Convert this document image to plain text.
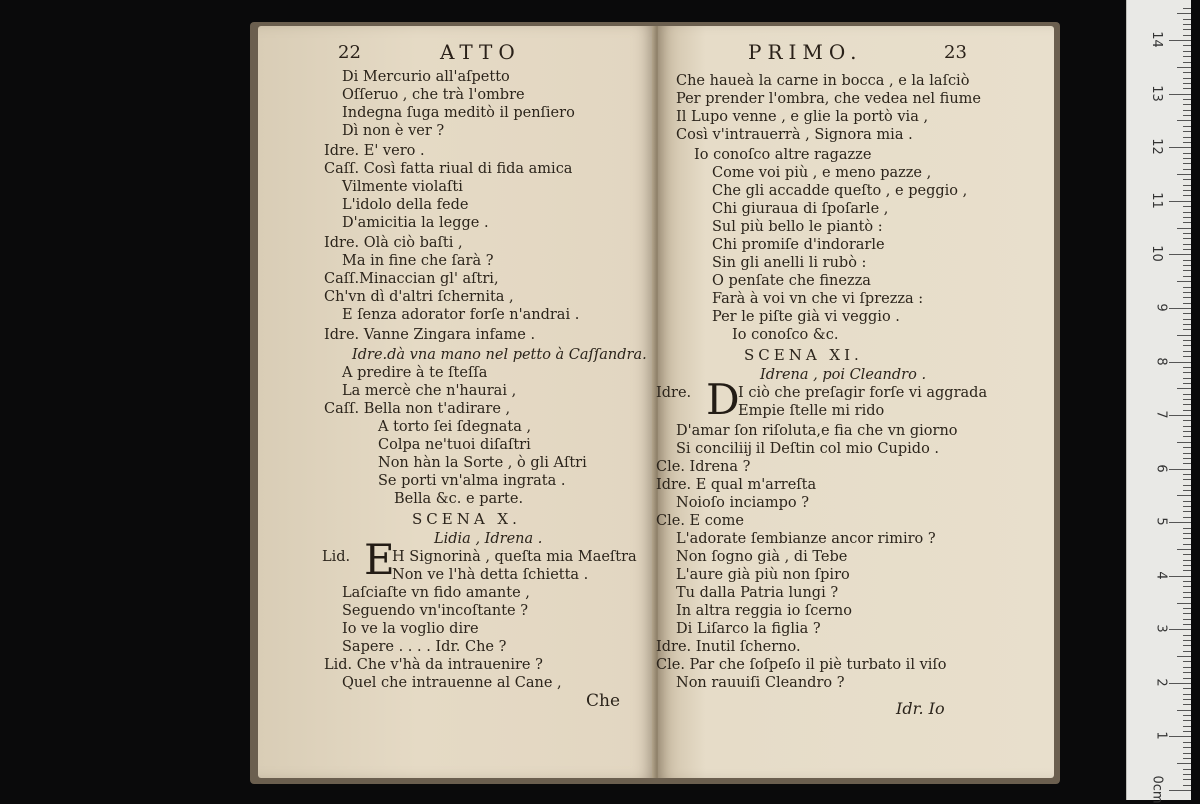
22	ATTO	PRIMO.	23
Di Mercurio all'aſpetto
Oſſeruo , che trà l'ombre
Indegna ſuga meditò il penſiero
Dì non è ver ?
Idre. E' vero .
Caſſ. Così fatta riual di fida amica
Vilmente violaſti
L'idolo della fede
D'amicitia la legge .
Idre. Olà ciò baſti ,
Ma in fine che ſarà ?
Caſſ.Minaccian gl' aſtri,
Ch'vn dì d'altri ſchernita ,
E ſenza adorator forſe n'andrai .
Idre. Vanne Zingara infame .
Idre.dà vna mano nel petto à Caſſandra.
A predire à te ſteſſa
La mercè che n'haurai ,
Caſſ. Bella non t'adirare ,
A torto ſei ſdegnata ,
Colpa ne'tuoi diſaſtri
Non hàn la Sorte , ò gli Aſtri
Se porti vn'alma ingrata .
Bella &c. e parte.
SCENA X.
Lidia , Idrena .
Lid.	H Signorinà , queſta mia Maeſtra
Non ve l'hà detta ſchietta .
Laſciaſte vn fido amante ,
Seguendo vn'incoſtante ?
Io ve la voglio dire
Sapere . . . . Idr. Che ?
Lid. Che v'hà da intrauenire ?
Quel che intrauenne al Cane ,
Che haueà la carne in bocca , e la laſciò
Per prender l'ombra, che vedea nel fiume
Il Lupo venne , e glie la portò via ,
Così v'intrauerrà , Signora mia .
Io conoſco altre ragazze
Come voi più , e meno pazze ,
Che gli accadde queſto , e peggio ,
Chi giuraua di ſpoſarle ,
Sul più bello le piantò :
Chi promiſe d'indorarle
Sin gli anelli li rubò :
O penſate che finezza
Farà à voi vn che vi ſprezza :
Per le piſte già vi veggio .
Io conoſco &c.
SCENA XI.
Idrena , poi Cleandro .
Idre.	I ciò che preſagir forſe vi aggrada
Empie ſtelle mi rido
D'amar ſon riſoluta,e fia che vn giorno
Si conciliĳ il Deſtin col mio Cupido .
Cle. Idrena ?
Idre. E qual m'arreſta
Noioſo inciampo ?
Cle. E come
L'adorate ſembianze ancor rimiro ?
Non ſogno già , di Tebe
L'aure già più non ſpiro
Tu dalla Patria lungi ?
In altra reggia io ſcerno
Di Liſarco la figlia ?
Idre. Inutil ſcherno.
Cle. Par che ſoſpeſo il piè turbato il viſo
Non rauuiſi Cleandro ?
E
D
Che	Idr. Io
14
13
12
11
10
9
8
7
6
5
4
3
2
1
0cm
